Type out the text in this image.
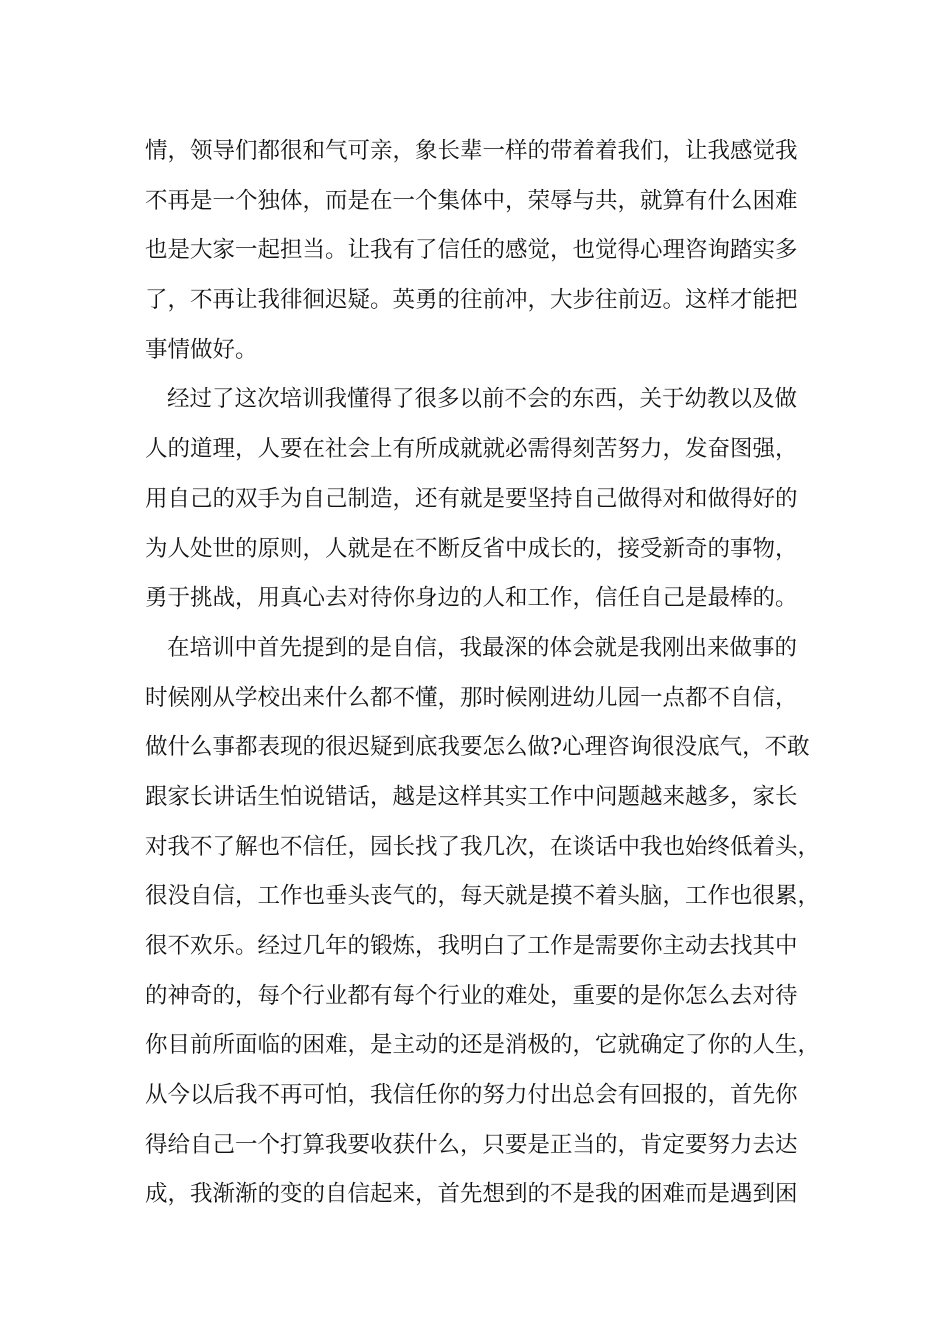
情，领导们都很和气可亲，象长辈一样的带着着我们，让我感觉我
不再是一个独体，而是在一个集体中，荣辱与共，就算有什么困难
也是大家一起担当。让我有了信任的感觉，也觉得心理咨询踏实多
了，不再让我徘徊迟疑。英勇的往前冲，大步往前迈。这样才能把
事情做好。
经过了这次培训我懂得了很多以前不会的东西，关于幼教以及做
人的道理，人要在社会上有所成就就必需得刻苦努力，发奋图强，
用自己的双手为自己制造，还有就是要坚持自己做得对和做得好的
为人处世的原则，人就是在不断反省中成长的，接受新奇的事物，
勇于挑战，用真心去对待你身边的人和工作，信任自己是最棒的。
在培训中首先提到的是自信，我最深的体会就是我刚出来做事的
时候刚从学校出来什么都不懂，那时候刚进幼儿园一点都不自信，
做什么事都表现的很迟疑到底我要怎么做?心理咨询很没底气，不敢
跟家长讲话生怕说错话，越是这样其实工作中问题越来越多，家长
对我不了解也不信任，园长找了我几次，在谈话中我也始终低着头，
很没自信，工作也垂头丧气的，每天就是摸不着头脑，工作也很累，
很不欢乐。经过几年的锻炼，我明白了工作是需要你主动去找其中
的神奇的，每个行业都有每个行业的难处，重要的是你怎么去对待
你目前所面临的困难，是主动的还是消极的，它就确定了你的人生，
从今以后我不再可怕，我信任你的努力付出总会有回报的，首先你
得给自己一个打算我要收获什么，只要是正当的，肯定要努力去达
成，我渐渐的变的自信起来，首先想到的不是我的困难而是遇到困
